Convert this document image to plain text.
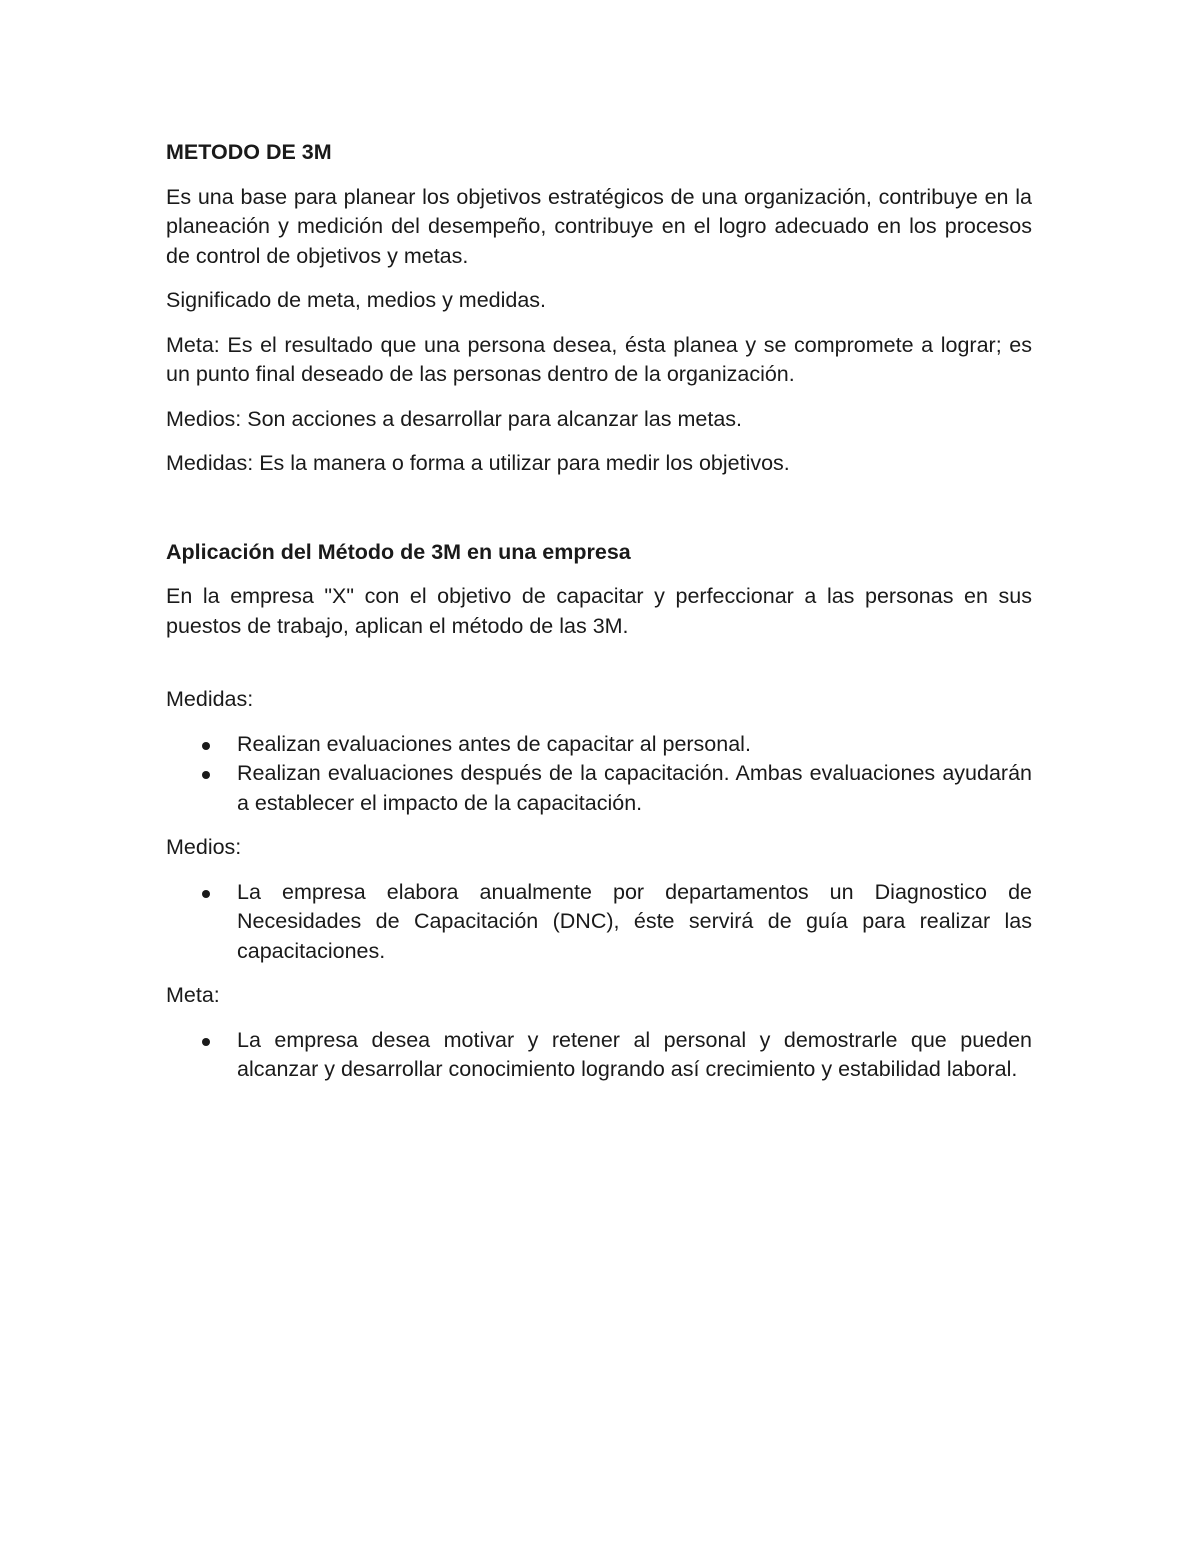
METODO DE 3M
Es una base para planear los objetivos estratégicos de una organización, contribuye en la planeación y medición del desempeño, contribuye en el logro adecuado en los procesos de control de objetivos y metas.
Significado de meta, medios y medidas.
Meta: Es el resultado que una persona desea, ésta planea y se compromete a lograr; es un punto final deseado de las personas dentro de la organización.
Medios: Son acciones a desarrollar para alcanzar las metas.
Medidas: Es la manera o forma a utilizar para medir los objetivos.
Aplicación del Método de 3M en una empresa
En la empresa "X" con el objetivo de capacitar y perfeccionar a las personas en sus puestos de trabajo, aplican el método de las 3M.
Medidas:
Realizan evaluaciones antes de capacitar al personal.
Realizan evaluaciones después de la capacitación. Ambas evaluaciones ayudarán a establecer el impacto de la capacitación.
Medios:
La empresa elabora anualmente por departamentos un Diagnostico de Necesidades de Capacitación (DNC), éste servirá de guía para realizar las capacitaciones.
Meta:
La empresa desea motivar y retener al personal y demostrarle que pueden alcanzar y desarrollar conocimiento logrando así crecimiento y estabilidad laboral.
